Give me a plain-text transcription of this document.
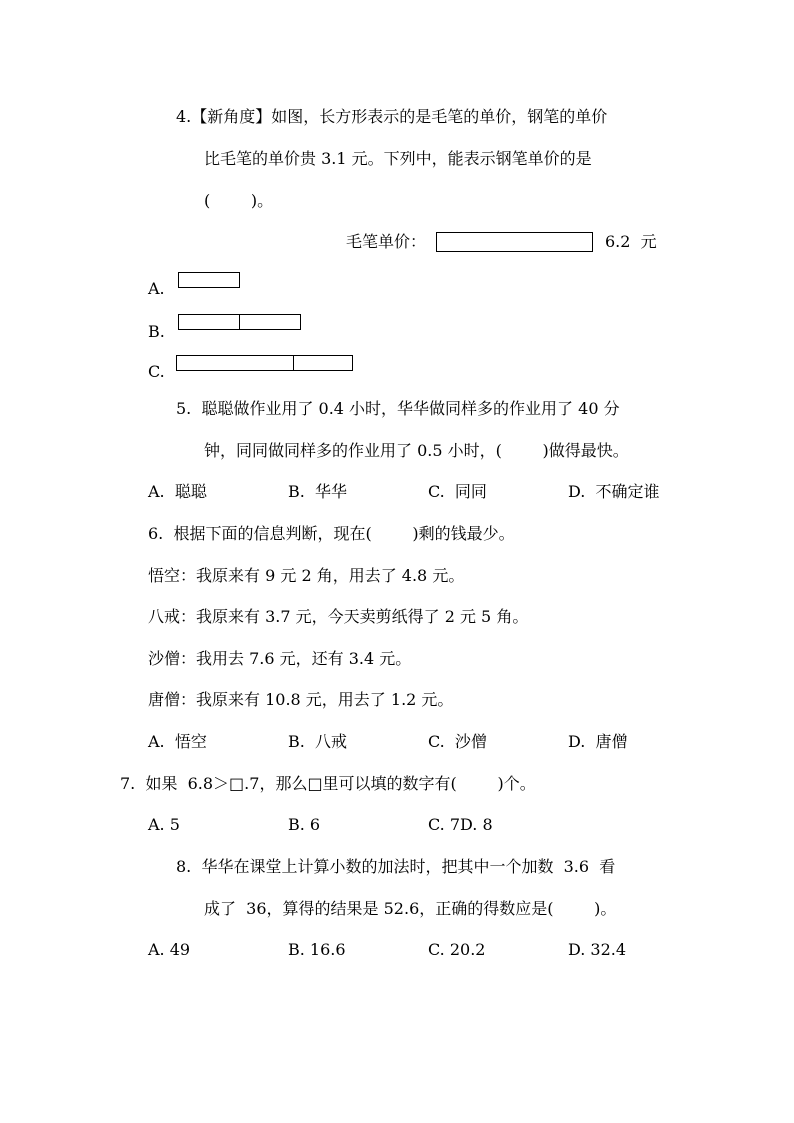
4.【新角度】如图，长方形表示的是毛笔的单价，钢笔的单价
比毛笔的单价贵 3.1 元。下列中，能表示钢笔单价的是
(        )。
毛笔单价：	6.2  元
A.
B.
C.
5.  聪聪做作业用了 0.4 小时，华华做同样多的作业用了 40 分
钟，同同做同样多的作业用了 0.5 小时，(        )做得最快。
A.  聪聪	B.  华华	C.  同同	D.  不确定谁
6.  根据下面的信息判断，现在(        )剩的钱最少。
悟空：我原来有 9 元 2 角，用去了 4.8 元。
八戒：我原来有 3.7 元，今天卖剪纸得了 2 元 5 角。
沙僧：我用去 7.6 元，还有 3.4 元。
唐僧：我原来有 10.8 元，用去了 1.2 元。
A.  悟空	B.  八戒	C.  沙僧	D.  唐僧
7.  如果  6.8＞□.7，那么□里可以填的数字有(        )个。
A. 5	B. 6	C. 7D. 8
8.  华华在课堂上计算小数的加法时，把其中一个加数  3.6  看
成了  36，算得的结果是 52.6，正确的得数应是(        )。
A. 49	B. 16.6	C. 20.2	D. 32.4
